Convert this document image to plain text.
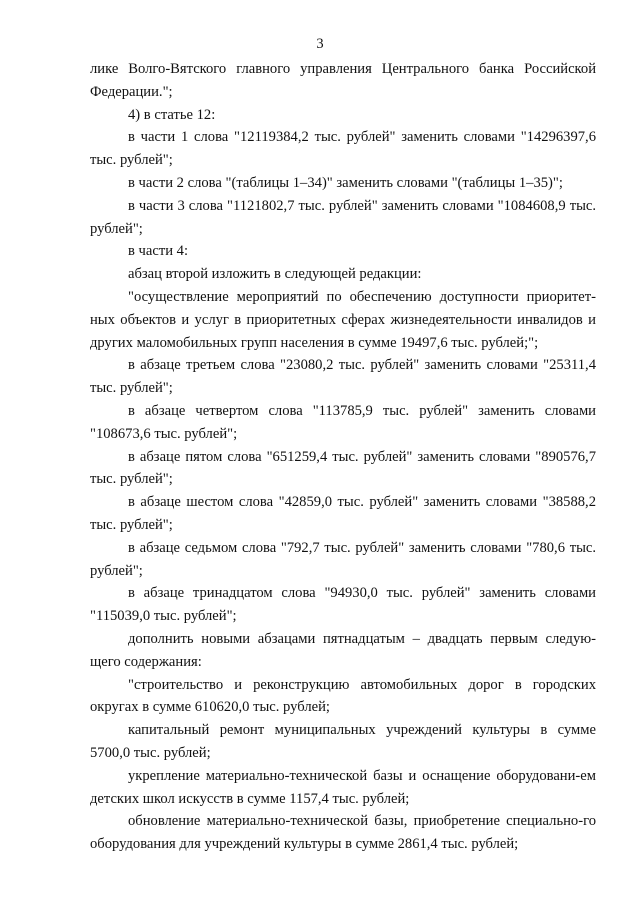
3

лике Волго-Вятского главного управления Центрального банка Российской Федерации.";

4) в статье 12:

в части 1 слова "12119384,2 тыс. рублей" заменить словами "14296397,6 тыс. рублей";

в части 2 слова "(таблицы 1–34)" заменить словами "(таблицы 1–35)";

в части 3 слова "1121802,7 тыс. рублей" заменить словами "1084608,9 тыс. рублей";

в части 4:

абзац второй изложить в следующей редакции:

"осуществление мероприятий по обеспечению доступности приоритет-ных объектов и услуг в приоритетных сферах жизнедеятельности инвалидов и других маломобильных групп населения в сумме 19497,6 тыс. рублей;";

в абзаце третьем слова "23080,2 тыс. рублей" заменить словами "25311,4 тыс. рублей";

в абзаце четвертом слова "113785,9 тыс. рублей" заменить словами "108673,6 тыс. рублей";

в абзаце пятом слова "651259,4 тыс. рублей" заменить словами "890576,7 тыс. рублей";

в абзаце шестом слова "42859,0 тыс. рублей" заменить словами "38588,2 тыс. рублей";

в абзаце седьмом слова "792,7 тыс. рублей" заменить словами "780,6 тыс. рублей";

в абзаце тринадцатом слова "94930,0 тыс. рублей" заменить словами "115039,0 тыс. рублей";

дополнить новыми абзацами пятнадцатым – двадцать первым следую-щего содержания:

"строительство и реконструкцию автомобильных дорог в городских округах в сумме 610620,0 тыс. рублей;

капитальный ремонт муниципальных учреждений культуры в сумме 5700,0 тыс. рублей;

укрепление материально-технической базы и оснащение оборудовани-ем детских школ искусств в сумме 1157,4 тыс. рублей;

обновление материально-технической базы, приобретение специально-го оборудования для учреждений культуры в сумме 2861,4 тыс. рублей;
